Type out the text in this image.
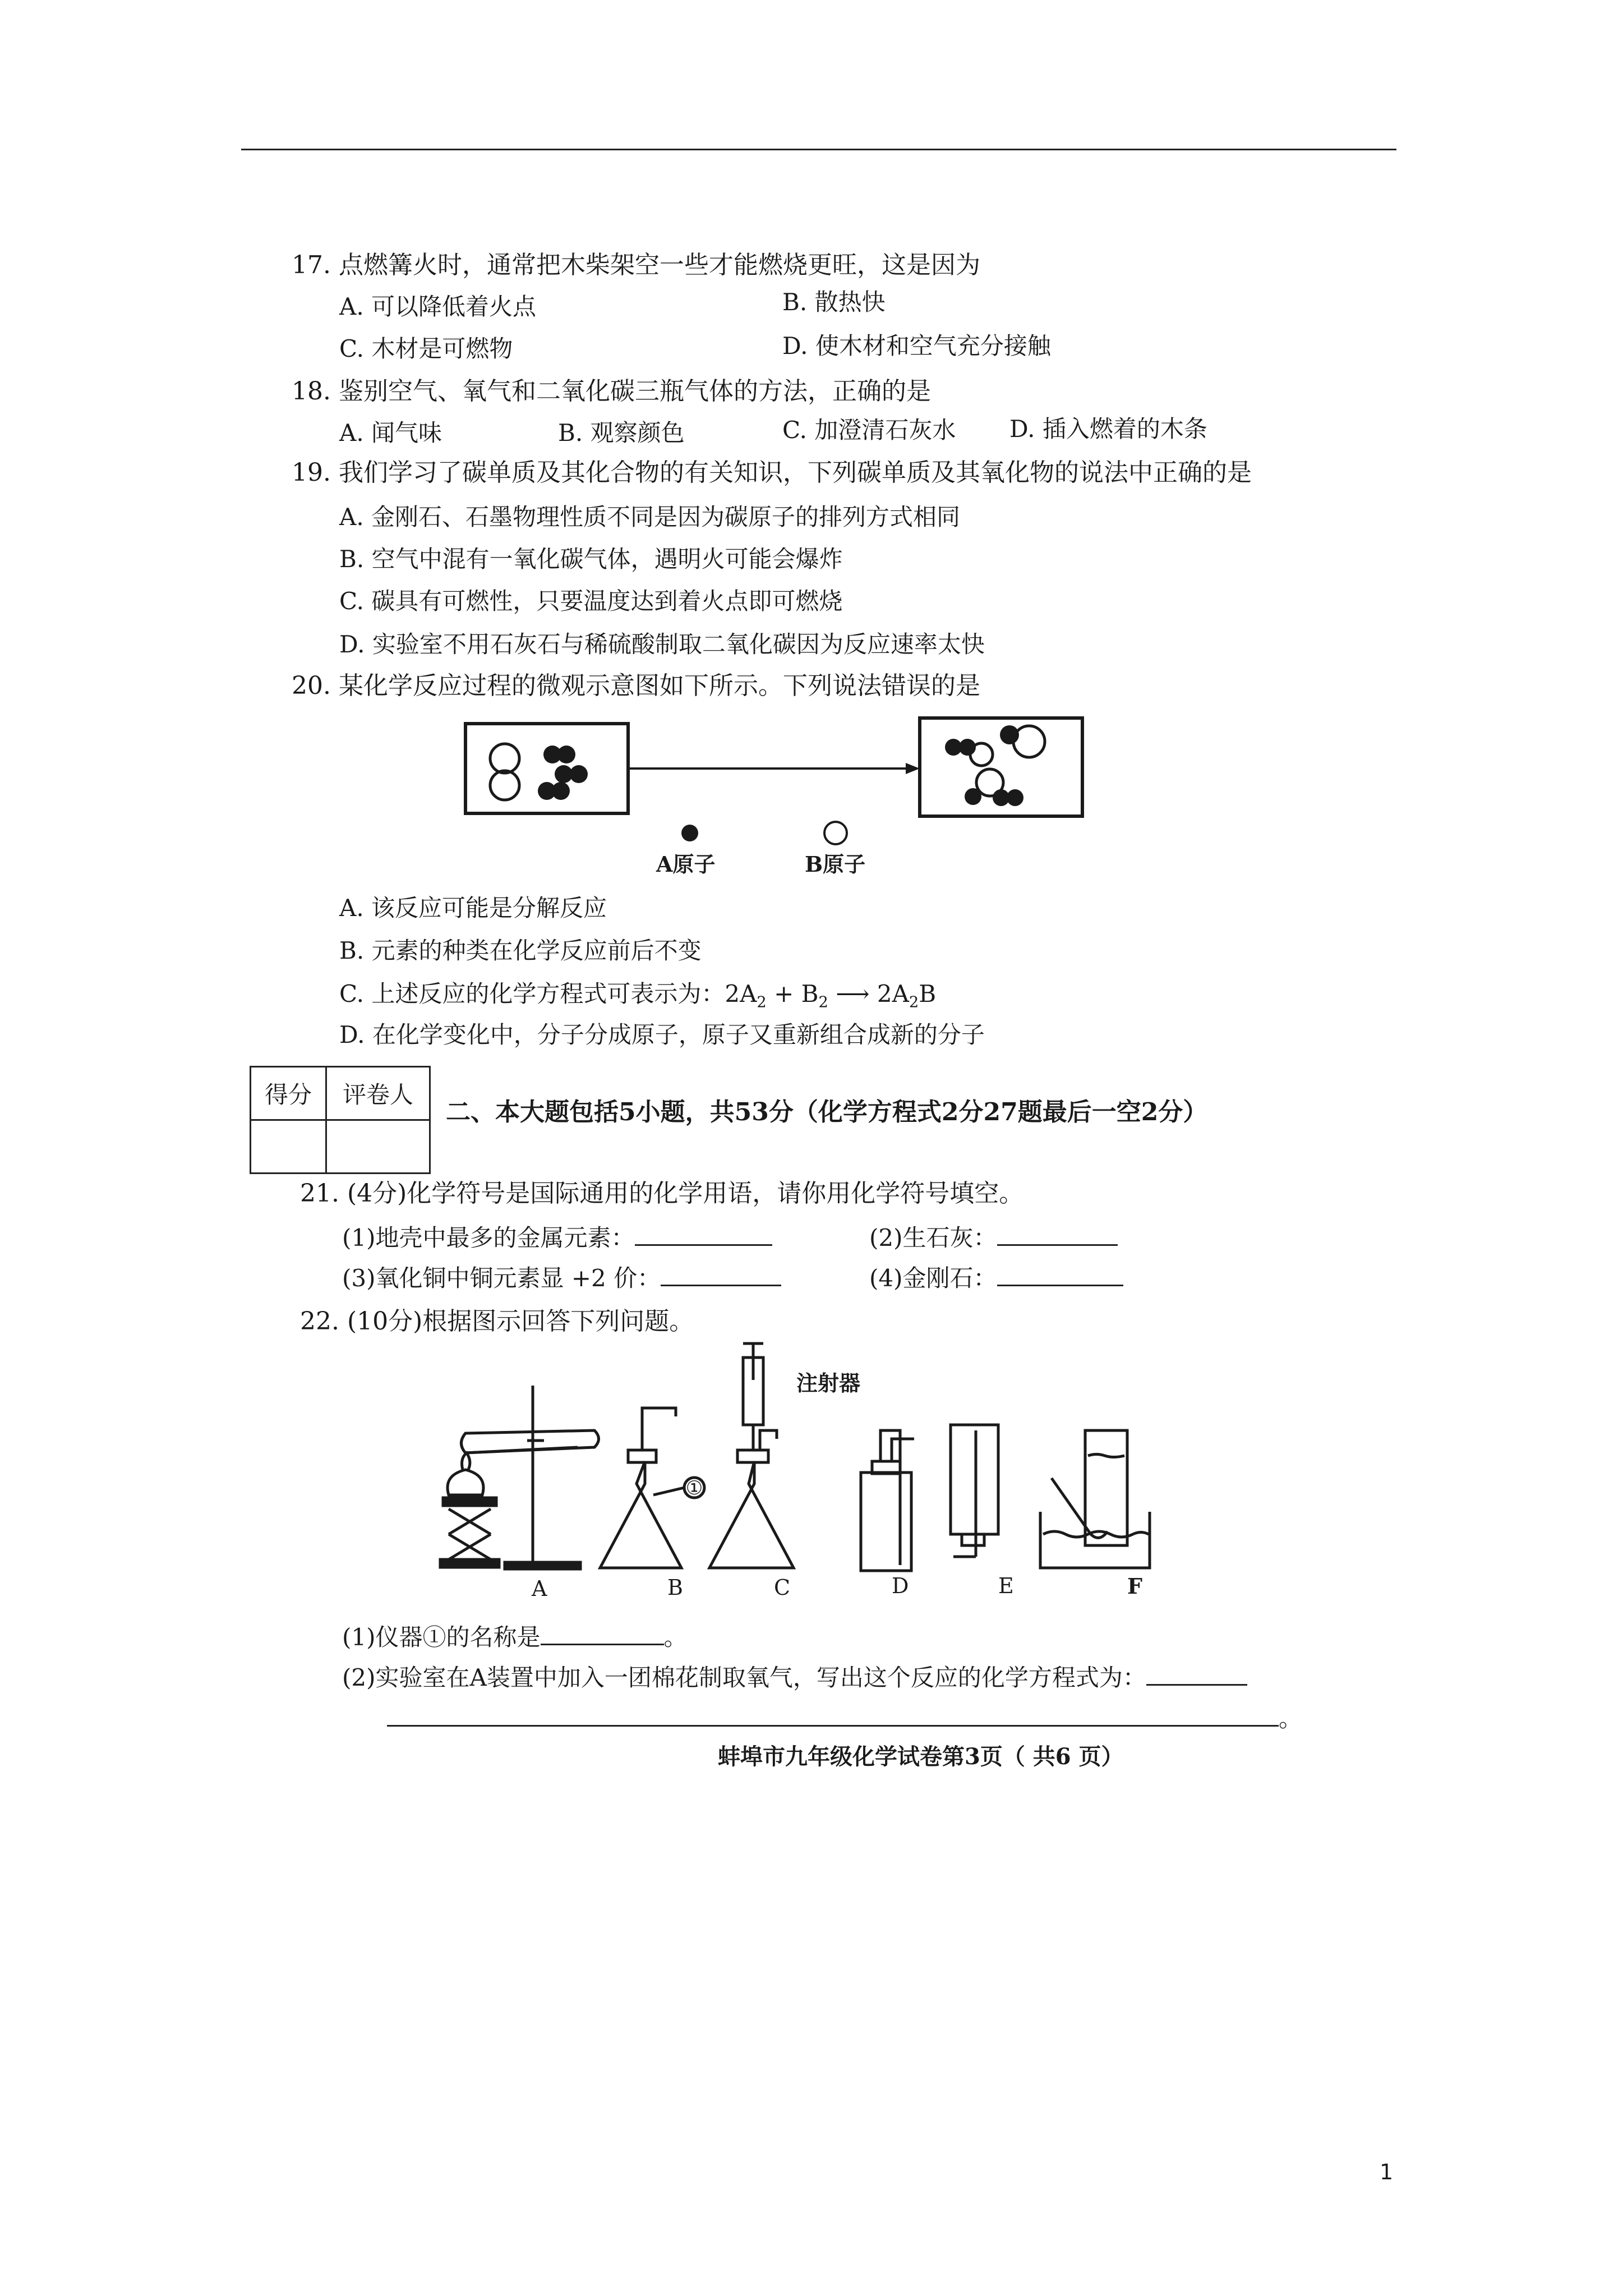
17. 点燃篝火时，通常把木柴架空一些才能燃烧更旺，这是因为
A. 可以降低着火点	B. 散热快
C. 木材是可燃物	D. 使木材和空气充分接触
18. 鉴别空气、氧气和二氧化碳三瓶气体的方法，正确的是
A. 闻气味	B. 观察颜色	C. 加澄清石灰水 D. 插入燃着的木条
19. 我们学习了碳单质及其化合物的有关知识，下列碳单质及其氧化物的说法中正确的是
A. 金刚石、石墨物理性质不同是因为碳原子的排列方式相同
B. 空气中混有一氧化碳气体，遇明火可能会爆炸
C. 碳具有可燃性，只要温度达到着火点即可燃烧
D. 实验室不用石灰石与稀硫酸制取二氧化碳因为反应速率太快
20. 某化学反应过程的微观示意图如下所示。下列说法错误的是
A原子	B原子
A. 该反应可能是分解反应
B. 元素的种类在化学反应前后不变
C. 上述反应的化学方程式可表示为：$2A_2 + B_2$ ⟶ $2A_2B$
D. 在化学变化中，分子分成原子，原子又重新组合成新的分子
得分	评卷人

二、本大题包括5小题，共53分（化学方程式2分27题最后一空2分）
21. (4分)化学符号是国际通用的化学用语，请你用化学符号填空。
(1)地壳中最多的金属元素：	(2)生石灰：
(3)氧化铜中铜元素显 +2 价：	(4)金刚石：
22. (10分)根据图示回答下列问题。
①
注射器
A	B	C	D	E	F
(1)仪器①的名称是	。
(2)实验室在A装置中加入一团棉花制取氧气，写出这个反应的化学方程式为：
。
蚌埠市九年级化学试卷第3页（ 共6 页）
1
